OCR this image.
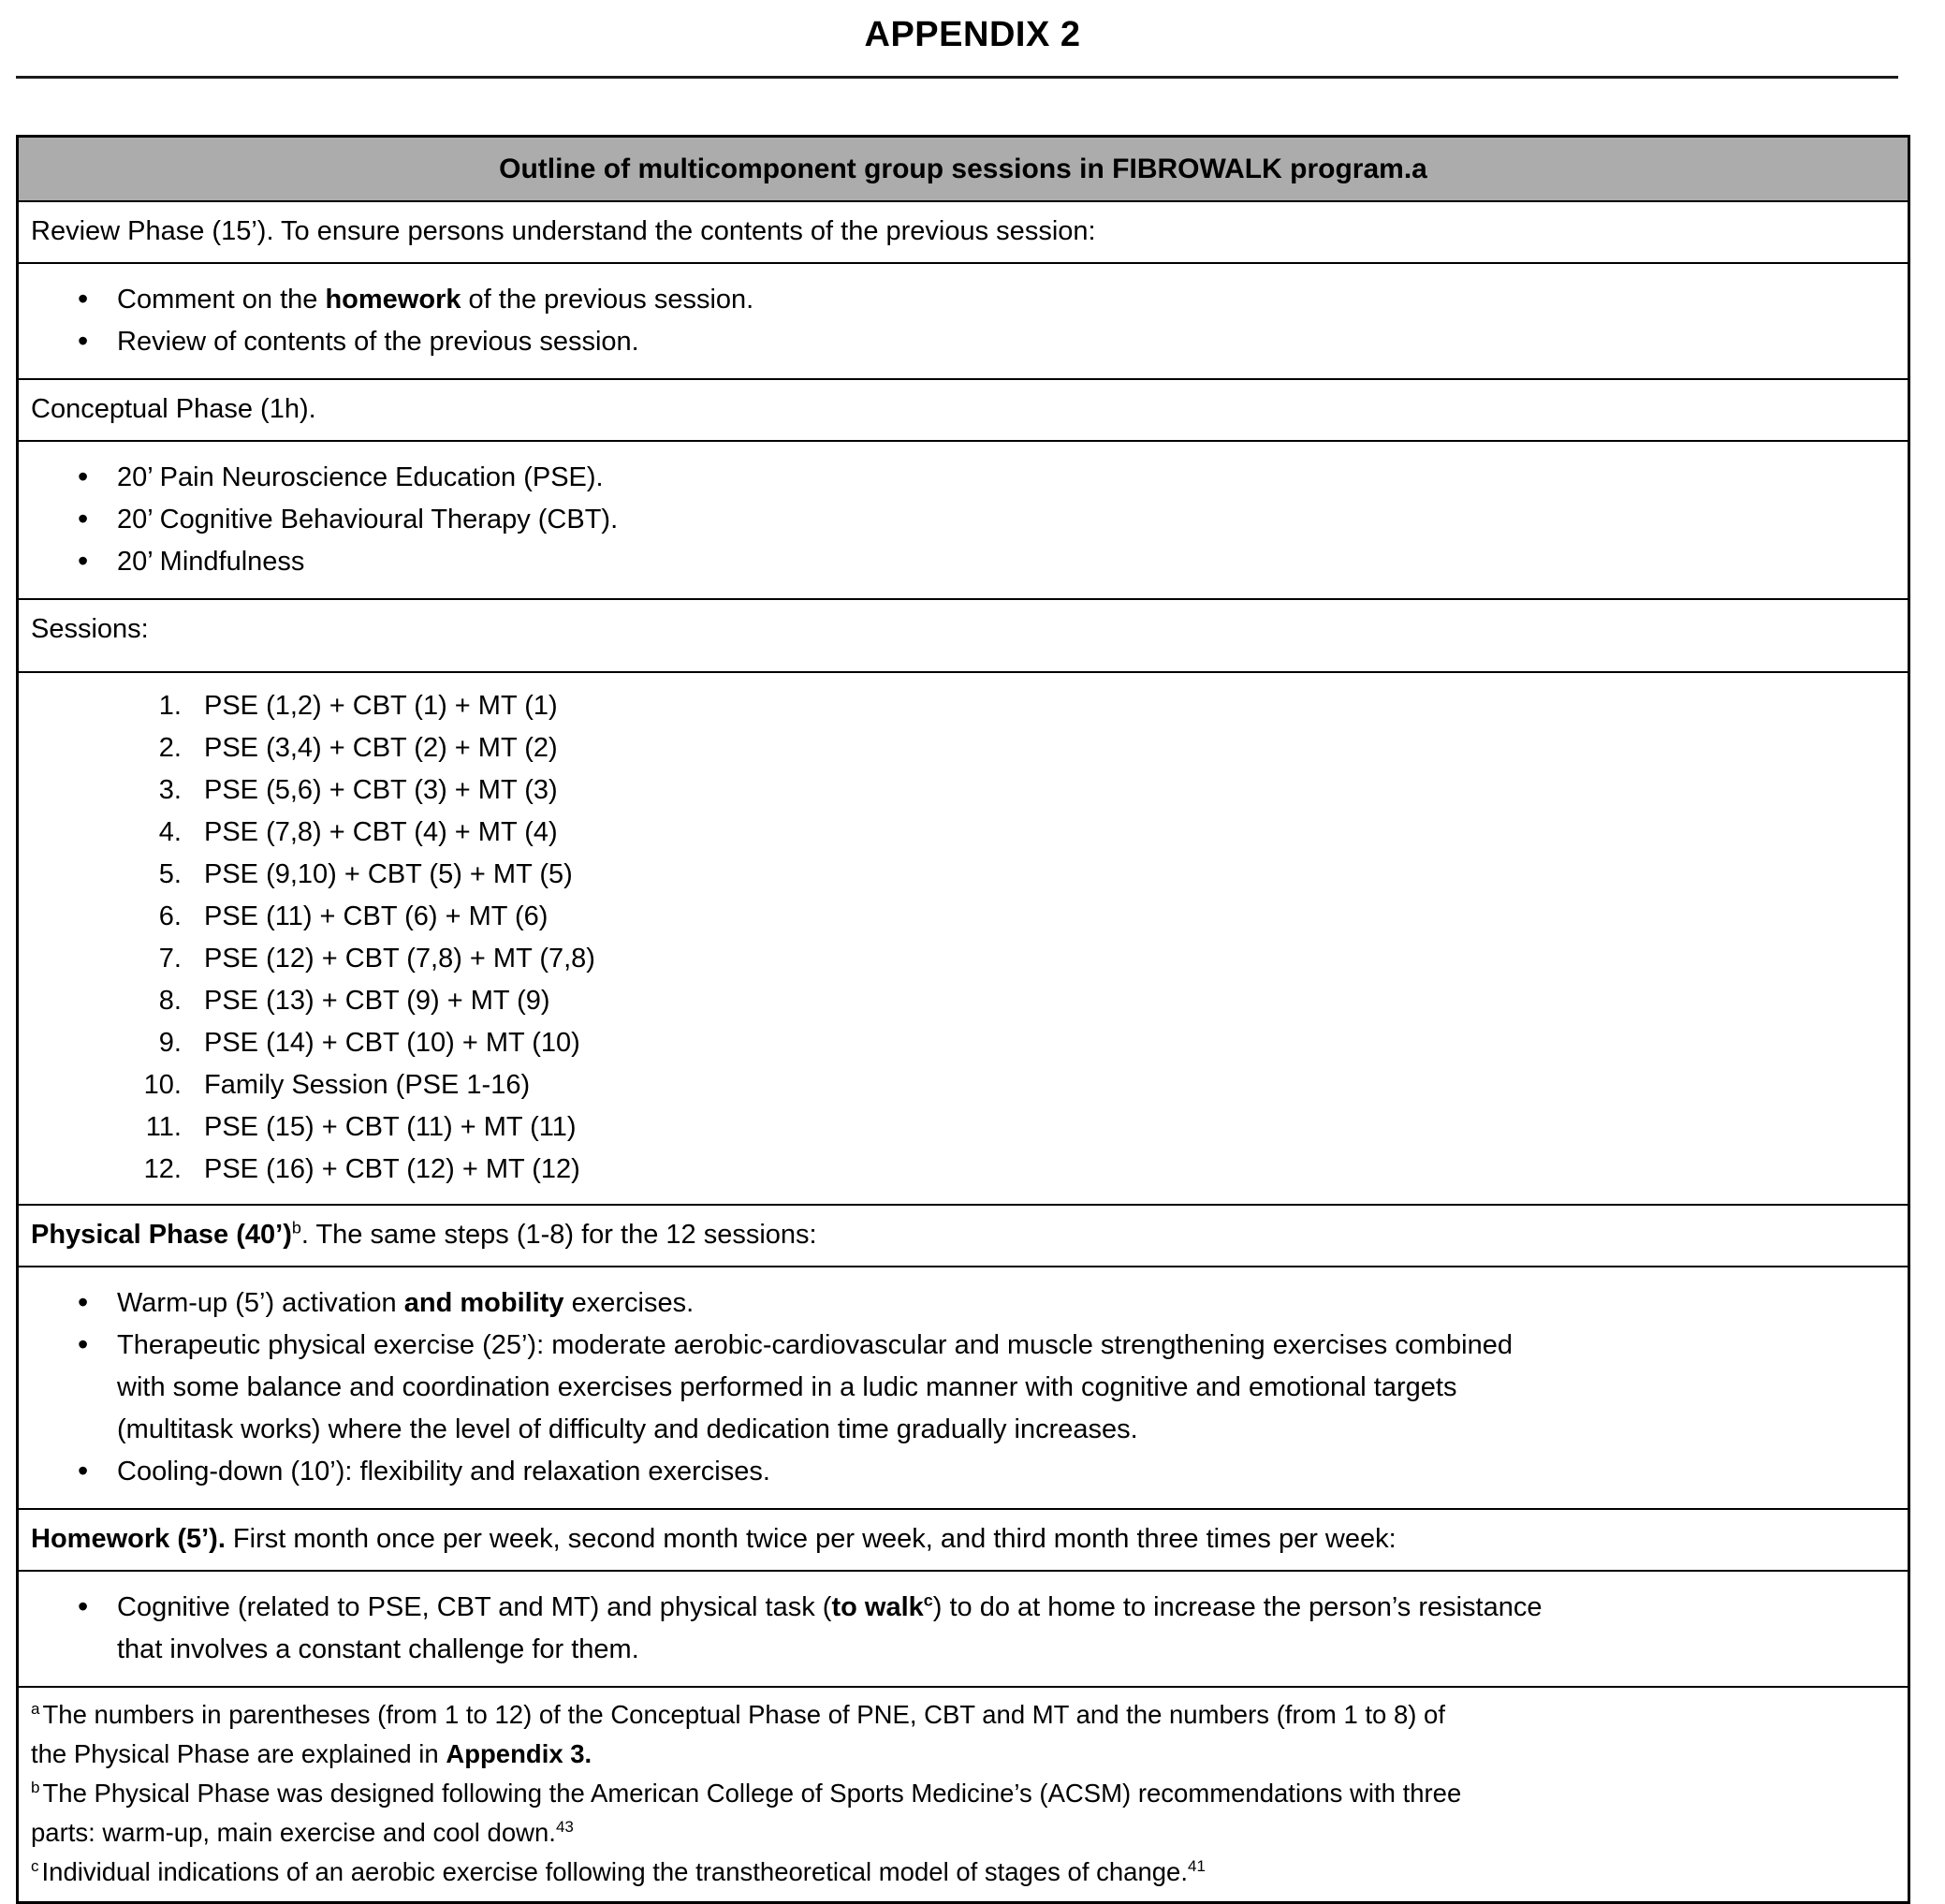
APPENDIX 2
Outline of multicomponent group sessions in FIBROWALK program.a
Review Phase (15’). To ensure persons understand the contents of the previous session:
• Comment on the homework of the previous session.
• Review of contents of the previous session.
Conceptual Phase (1h).
• 20’ Pain Neuroscience Education (PSE).
• 20’ Cognitive Behavioural Therapy (CBT).
• 20’ Mindfulness
Sessions:
1. PSE (1,2) + CBT (1) + MT (1)
2. PSE (3,4) + CBT (2) + MT (2)
3. PSE (5,6) + CBT (3) + MT (3)
4. PSE (7,8) + CBT (4) + MT (4)
5. PSE (9,10) + CBT (5) + MT (5)
6. PSE (11) + CBT (6) + MT (6)
7. PSE (12) + CBT (7,8) + MT (7,8)
8. PSE (13) + CBT (9) + MT (9)
9. PSE (14) + CBT (10) + MT (10)
10. Family Session (PSE 1-16)
11. PSE (15) + CBT (11) + MT (11)
12. PSE (16) + CBT (12) + MT (12)
Physical Phase (40’)$^b$. The same steps (1-8) for the 12 sessions:
• Warm-up (5’) activation and mobility exercises.
• Therapeutic physical exercise (25’): moderate aerobic-cardiovascular and muscle strengthening exercises combined with some balance and coordination exercises performed in a ludic manner with cognitive and emotional targets (multitask works) where the level of difficulty and dedication time gradually increases.
• Cooling-down (10’): flexibility and relaxation exercises.
Homework (5’). First month once per week, second month twice per week, and third month three times per week:
• Cognitive (related to PSE, CBT and MT) and physical task (to walk$^c$) to do at home to increase the person’s resistance that involves a constant challenge for them.

$^a$ The numbers in parentheses (from 1 to 12) of the Conceptual Phase of PNE, CBT and MT and the numbers (from 1 to 8) of the Physical Phase are explained in Appendix 3.

$^b$ The Physical Phase was designed following the American College of Sports Medicine’s (ACSM) recommendations with three parts: warm-up, main exercise and cool down.$^{43}$

$^c$ Individual indications of an aerobic exercise following the transtheoretical model of stages of change.$^{41}$
